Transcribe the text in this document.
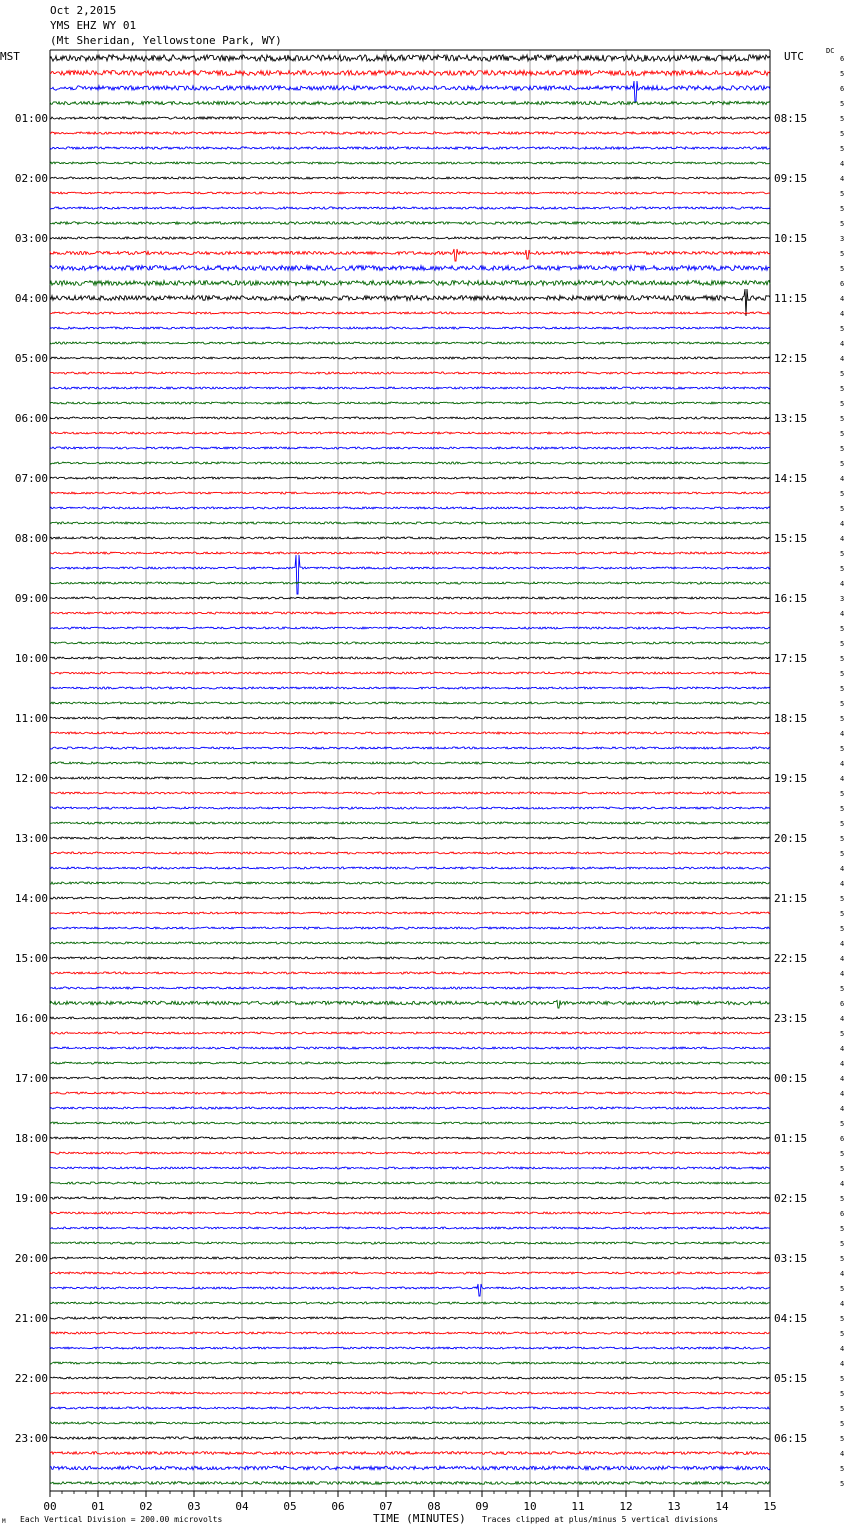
Oct 2,2015
YMS EHZ WY 01
(Mt Sheridan, Yellowstone Park, WY)
MST	UTC	DC
01:00
02:00
03:00
04:00
05:00
06:00
07:00
08:00
09:00
10:00
11:00
12:00
13:00
14:00
15:00
16:00
17:00
18:00
19:00
20:00
21:00
22:00
23:00
08:15
09:15
10:15
11:15
12:15
13:15
14:15
15:15
16:15
17:15
18:15
19:15
20:15
21:15
22:15
23:15
00:15
01:15
02:15
03:15
04:15
05:15
06:15
6
5
6
5
5
5
5
4
4
5
5
5
3
5
5
6
4
4
5
4
4
5
5
5
5
5
5
5
4
5
5
4
4
5
5
4
3
4
5
5
5
5
5
5
5
4
5
4
4
5
5
5
5
5
4
4
5
5
5
4
4
4
5
6
4
5
4
4
4
4
4
5
6
5
5
4
5
6
5
5
5
4
5
4
5
5
4
4
5
5
5
5
5
4
5
5
00	01	02	03	04	05	06	07	08	09	10	11	12	13	14	15
M Each Vertical Division = 200.00 microvolts	TIME (MINUTES) Traces clipped at plus/minus 5 vertical divisions
